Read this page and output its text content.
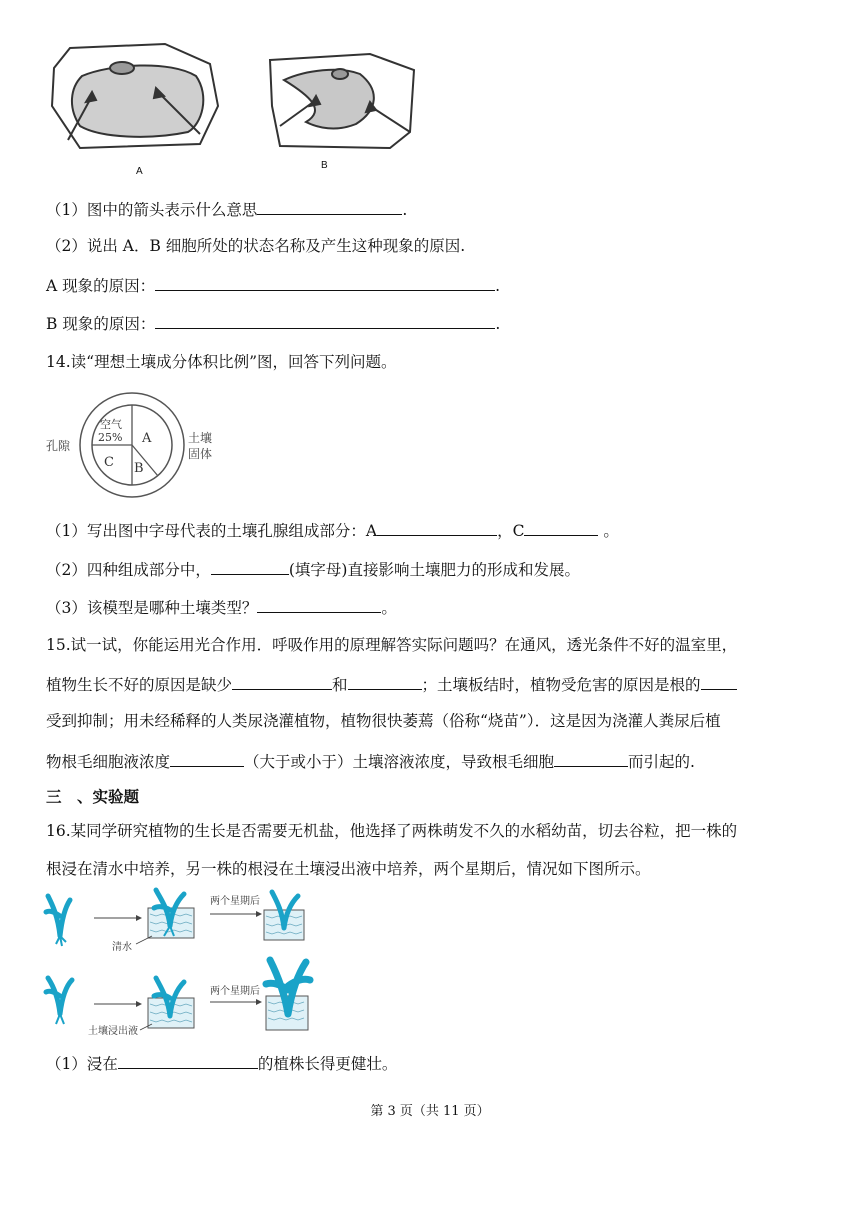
A
B
（1）图中的箭头表示什么意思	.
（2）说出 A．B 细胞所处的状态名称及产生这种现象的原因.
A 现象的原因：	.
B 现象的原因：	.
14.读“理想土壤成分体积比例”图，回答下列问题。
空气
25% A
B
C
孔隙
土壤
固体
（1）写出图中字母代表的土壤孔腺组成部分：A	，C	。
（2）四种组成部分中，	(填字母)直接影响土壤肥力的形成和发展。
（3）该模型是哪种土壤类型？	。
15.试一试，你能运用光合作用．呼吸作用的原理解答实际问题吗？在通风，透光条件不好的温室里，
植物生长不好的原因是缺少	和	；土壤板结时，植物受危害的原因是根的
受到抑制；用未经稀释的人类尿浇灌植物，植物很快萎蔫（俗称“烧苗”）．这是因为浇灌人粪尿后植
物根毛细胞液浓度	（大于或小于）土壤溶液浓度，导致根毛细胞	而引起的.
三　、实验题
16.某同学研究植物的生长是否需要无机盐，他选择了两株萌发不久的水稻幼苗，切去谷粒，把一株的
根浸在清水中培养，另一株的根浸在土壤浸出液中培养，两个星期后，情况如下图所示。
两个星期后
清水
两个星期后
土壤浸出液
（1）浸在	的植株长得更健壮。
第 3 页（共 11 页）
